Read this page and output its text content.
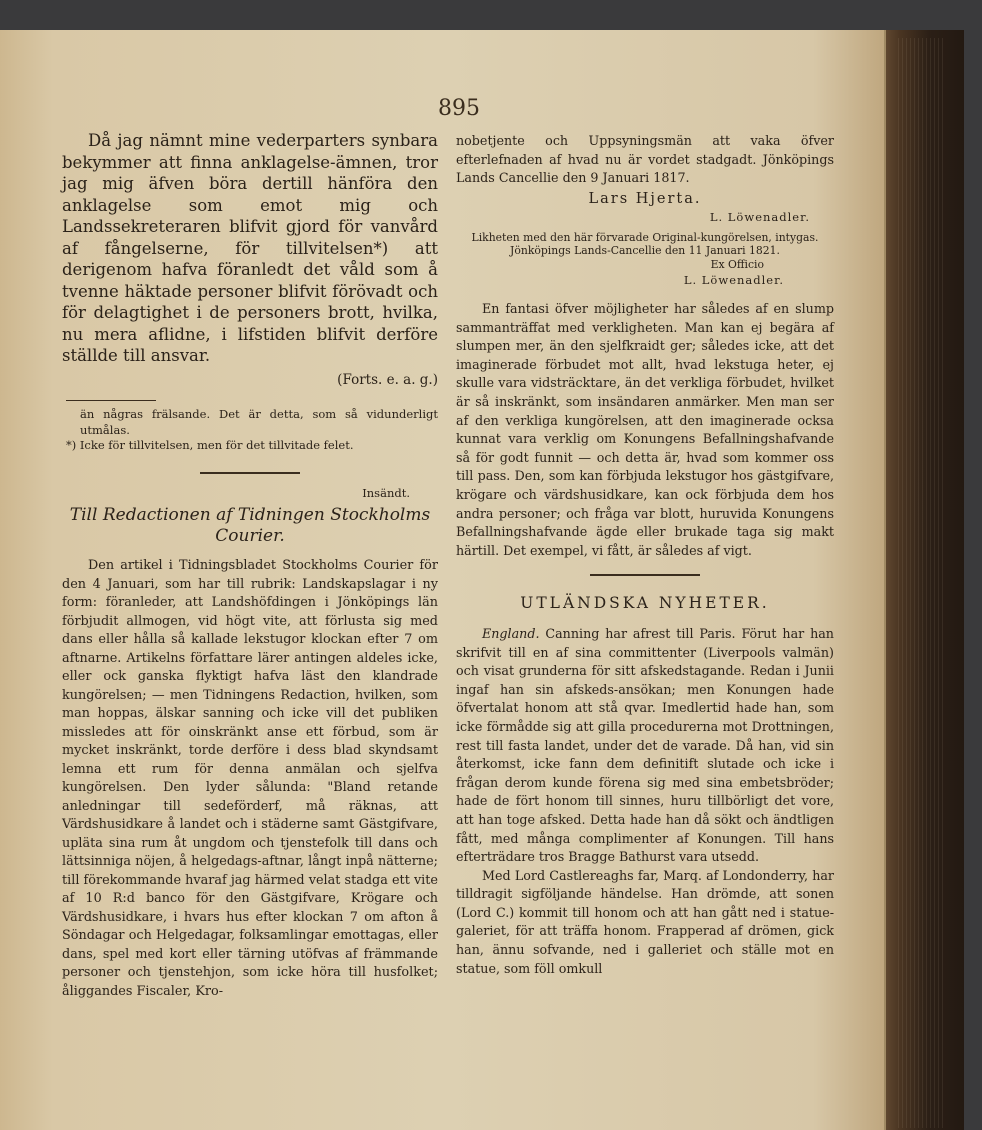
895

Då jag nämnt mine vederparters synbara bekymmer att finna anklagelse-ämnen, tror jag mig äfven böra dertill hänföra den anklagelse som emot mig och Landssekreteraren blifvit gjord för vanvård af fångelserne, för tillvitelsen*) att derigenom hafva föranledt det våld som å tvenne häktade personer blifvit förövadt och för delagtighet i de personers brott, hvilka, nu mera aflidne, i lifstiden blifvit derföre ställde till ansvar.

(Forts. e. a. g.)

än någras frälsande. Det är detta, som så vidunderligt utmålas.

*) Icke för tillvitelsen, men för det tillvitade felet.

Insändt.

Till Redactionen af Tidningen Stockholms Courier.

Den artikel i Tidningsbladet Stockholms Courier för den 4 Januari, som har till rubrik: Landskapslagar i ny form: föranleder, att Landshöfdingen i Jönköpings län förbjudit allmogen, vid högt vite, att förlusta sig med dans eller hålla så kallade lekstugor klockan efter 7 om aftnarne. Artikelns författare lärer antingen aldeles icke, eller ock ganska flyktigt hafva läst den klandrade kungörelsen; — men Tidningens Redaction, hvilken, som man hoppas, älskar sanning och icke vill det publiken missledes att för oinskränkt anse ett förbud, som är mycket inskränkt, torde derföre i dess blad skyndsamt lemna ett rum för denna anmälan och sjelfva kungörelsen. Den lyder sålunda: "Bland retande anledningar till sedeförderf, må räknas, att Värdshusidkare å landet och i städerne samt Gästgifvare, upläta sina rum åt ungdom och tjenstefolk till dans och lättsinniga nöjen, å helgedags-aftnar, långt inpå nätterne; till förekommande hvaraf jag härmed velat stadga ett vite af 10 R:d banco för den Gästgifvare, Krögare och Värdshusidkare, i hvars hus efter klockan 7 om afton å Söndagar och Helgedagar, folksamlingar emottagas, eller dans, spel med kort eller tärning utöfvas af främmande personer och tjenstehjon, som icke höra till husfolket; åliggandes Fiscaler, Kro-

nobetjente och Uppsyningsmän att vaka öfver efterlefnaden af hvad nu är vordet stadgadt. Jönköpings Lands Cancellie den 9 Januari 1817.

Lars Hjerta.

L. Löwenadler.

Likheten med den här förvarade Original-kungörelsen, intygas. Jönköpings Lands-Cancellie den 11 Januari 1821.

Ex Officio

L. Löwenadler.

En fantasi öfver möjligheter har således af en slump sammanträffat med verkligheten. Man kan ej begära af slumpen mer, än den sjelfkraidt ger; således icke, att det imaginerade förbudet mot allt, hvad lekstuga heter, ej skulle vara vidsträcktare, än det verkliga förbudet, hvilket är så inskränkt, som insändaren anmärker. Men man ser af den verkliga kungörelsen, att den imaginerade ocksa kunnat vara verklig om Konungens Befallningshafvande så för godt funnit — och detta är, hvad som kommer oss till pass. Den, som kan förbjuda lekstugor hos gästgifvare, krögare och värdshusidkare, kan ock förbjuda dem hos andra personer; och fråga var blott, huruvida Konungens Befallningshafvande ägde eller brukade taga sig makt härtill. Det exempel, vi fått, är således af vigt.

UTLÄNDSKA NYHETER.

England. Canning har afrest till Paris. Förut har han skrifvit till en af sina committenter (Liverpools valmän) och visat grunderna för sitt afskedstagande. Redan i Junii ingaf han sin afskeds-ansökan; men Konungen hade öfvertalat honom att stå qvar. Imedlertid hade han, som icke förmådde sig att gilla procedurerna mot Drottningen, rest till fasta landet, under det de varade. Då han, vid sin återkomst, icke fann dem definitift slutade och icke i frågan derom kunde förena sig med sina embetsbröder; hade de fört honom till sinnes, huru tillbörligt det vore, att han toge afsked. Detta hade han då sökt och ändtligen fått, med många complimenter af Konungen. Till hans efterträdare tros Bragge Bathurst vara utsedd.

Med Lord Castlereaghs far, Marq. af Londonderry, har tilldragit sigföljande händelse. Han drömde, att sonen (Lord C.) kommit till honom och att han gått ned i statue-galeriet, för att träffa honom. Frapperad af drömen, gick han, ännu sofvande, ned i galleriet och ställe mot en statue, som föll omkull
